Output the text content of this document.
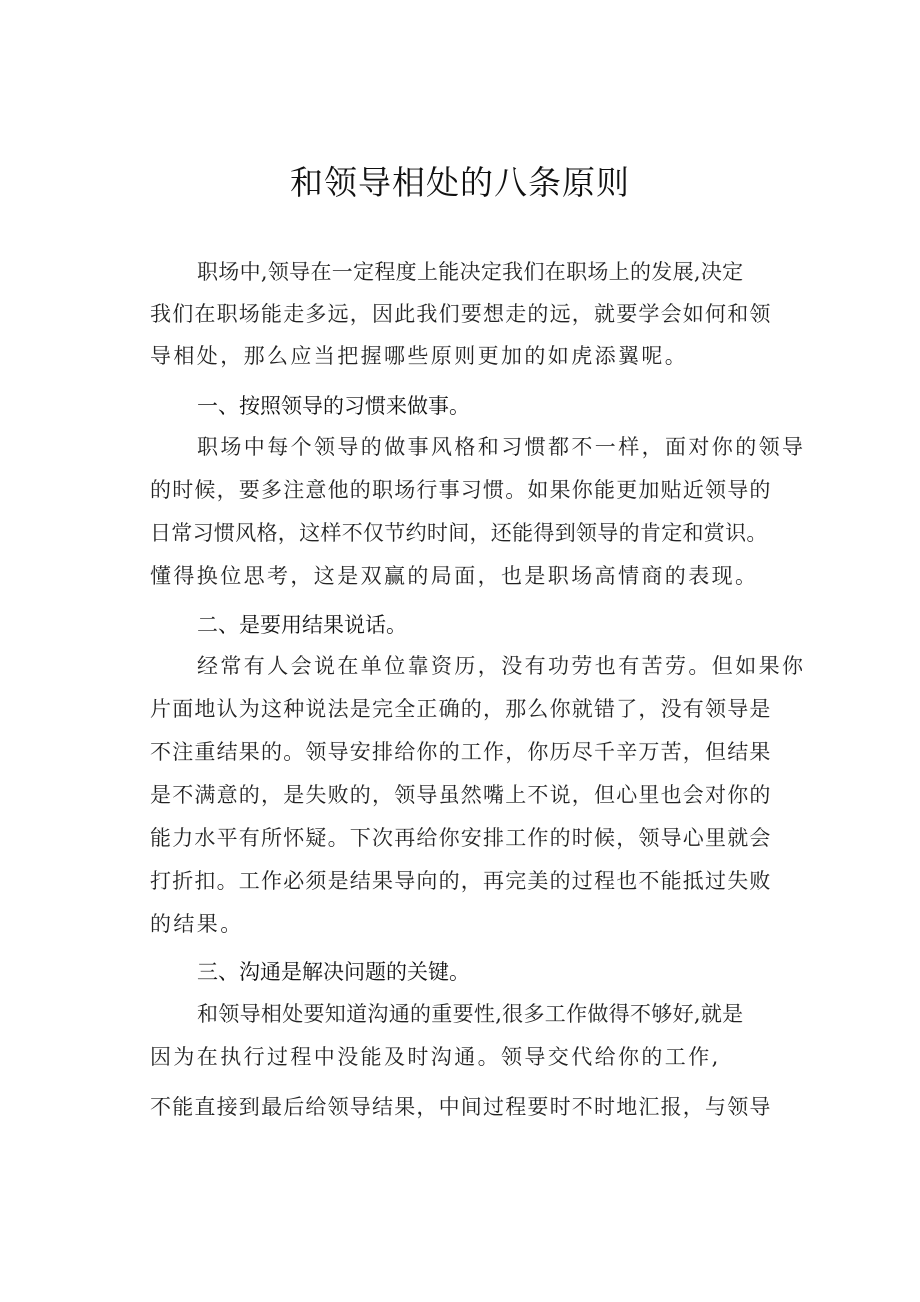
和领导相处的八条原则
职场中,领导在一定程度上能决定我们在职场上的发展,决定
我们在职场能走多远，因此我们要想走的远，就要学会如何和领
导相处，那么应当把握哪些原则更加的如虎添翼呢。
一、按照领导的习惯来做事。
职场中每个领导的做事风格和习惯都不一样，面对你的领导
的时候，要多注意他的职场行事习惯。如果你能更加贴近领导的
日常习惯风格，这样不仅节约时间，还能得到领导的肯定和赏识。
懂得换位思考，这是双赢的局面，也是职场高情商的表现。
二、是要用结果说话。
经常有人会说在单位靠资历，没有功劳也有苦劳。但如果你
片面地认为这种说法是完全正确的，那么你就错了，没有领导是
不注重结果的。领导安排给你的工作，你历尽千辛万苦，但结果
是不满意的，是失败的，领导虽然嘴上不说，但心里也会对你的
能力水平有所怀疑。下次再给你安排工作的时候，领导心里就会
打折扣。工作必须是结果导向的，再完美的过程也不能抵过失败
的结果。
三、沟通是解决问题的关键。
和领导相处要知道沟通的重要性,很多工作做得不够好,就是
因为在执行过程中没能及时沟通。领导交代给你的工作,
不能直接到最后给领导结果，中间过程要时不时地汇报，与领导
